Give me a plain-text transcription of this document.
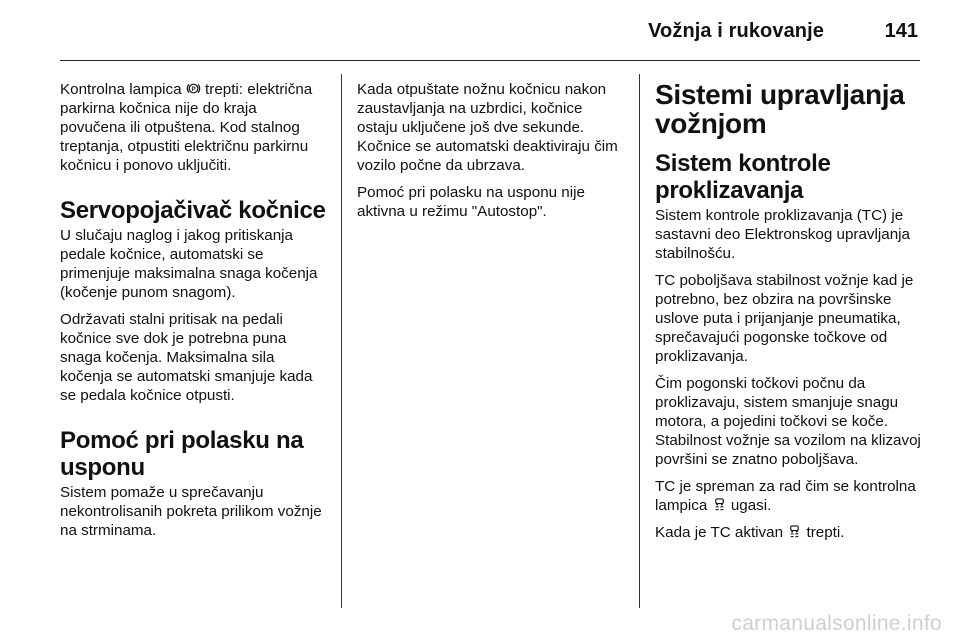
Vožnja i rukovanje	141

Kontrolna lampica P trepti: električna parkirna kočnica nije do kraja povučena ili otpuštena. Kod stalnog treptanja, otpustiti električnu parkirnu kočnicu i ponovo uključiti.

Servopojačivač kočnice

U slučaju naglog i jakog pritiskanja pedale kočnice, automatski se primenjuje maksimalna snaga kočenja (kočenje punom snagom).

Održavati stalni pritisak na pedali kočnice sve dok je potrebna puna snaga kočenja. Maksimalna sila kočenja se automatski smanjuje kada se pedala kočnice otpusti.

Pomoć pri polasku na usponu

Sistem pomaže u sprečavanju nekontrolisanih pokreta prilikom vožnje na strminama.

Kada otpuštate nožnu kočnicu nakon zaustavljanja na uzbrdici, kočnice ostaju uključene još dve sekunde. Kočnice se automatski deaktiviraju čim vozilo počne da ubrzava.

Pomoć pri polasku na usponu nije aktivna u režimu "Autostop".

Sistemi upravljanja vožnjom
Sistem kontrole proklizavanja

Sistem kontrole proklizavanja (TC) je sastavni deo Elektronskog upravljanja stabilnošću.

TC poboljšava stabilnost vožnje kad je potrebno, bez obzira na površinske uslove puta i prijanjanje pneumatika, sprečavajući pogonske točkove od proklizavanja.

Čim pogonski točkovi počnu da proklizavaju, sistem smanjuje snagu motora, a pojedini točkovi se koče. Stabilnost vožnje sa vozilom na klizavoj površini se znatno poboljšava.

TC je spreman za rad čim se kontrolna lampica ugasi.

Kada je TC aktivan trepti.

carmanualsonline.info
